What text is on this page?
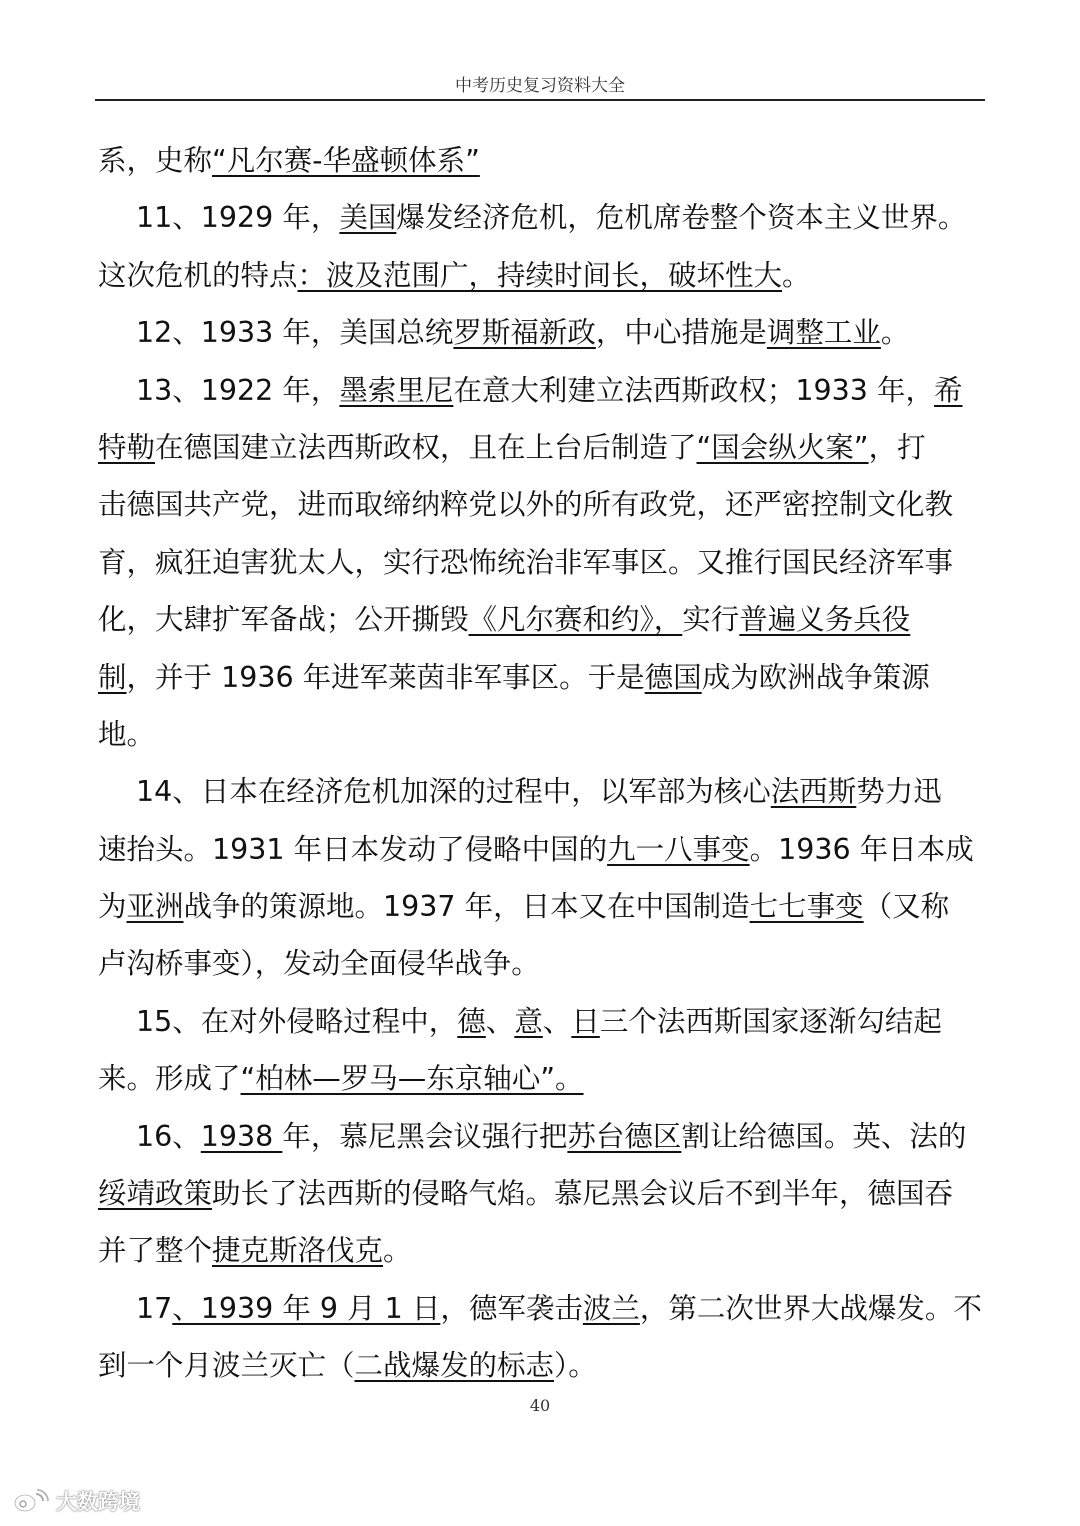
中考历史复习资料大全

系，史称“凡尔赛-华盛顿体系”

11、1929 年，美国爆发经济危机，危机席卷整个资本主义世界。

这次危机的特点：波及范围广，持续时间长，破坏性大。

12、1933 年，美国总统罗斯福新政，中心措施是调整工业。

13、1922 年，墨索里尼在意大利建立法西斯政权；1933 年，希

特勒在德国建立法西斯政权，且在上台后制造了“国会纵火案”，打

击德国共产党，进而取缔纳粹党以外的所有政党，还严密控制文化教

育，疯狂迫害犹太人，实行恐怖统治非军事区。又推行国民经济军事

化，大肆扩军备战；公开撕毁《凡尔赛和约》，实行普遍义务兵役

制，并于 1936 年进军莱茵非军事区。于是德国成为欧洲战争策源

地。

14、日本在经济危机加深的过程中，以军部为核心法西斯势力迅

速抬头。1931 年日本发动了侵略中国的九一八事变。1936 年日本成

为亚洲战争的策源地。1937 年，日本又在中国制造七七事变（又称

卢沟桥事变），发动全面侵华战争。

15、在对外侵略过程中，德、意、日三个法西斯国家逐渐勾结起

来。形成了“柏林—罗马—东京轴心”。

16、1938 年，慕尼黑会议强行把苏台德区割让给德国。英、法的

绥靖政策助长了法西斯的侵略气焰。慕尼黑会议后不到半年，德国吞

并了整个捷克斯洛伐克。

17、1939 年 9 月 1 日，德军袭击波兰，第二次世界大战爆发。不

到一个月波兰灭亡（二战爆发的标志）。

40
大数跨境
